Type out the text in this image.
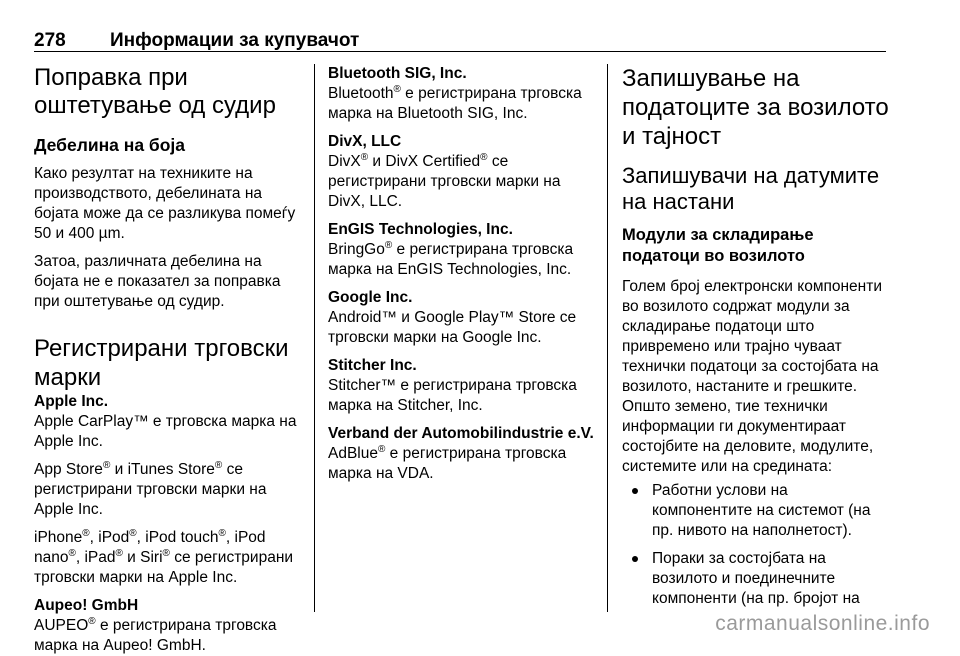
278 Информации за купувачот
Поправка при оштетување од судир
Дебелина на боја

Како резултат на техниките на производството, дебелината на бојата може да се разликува помеѓу 50 и 400 µm.

Затоа, различната дебелина на бојата не е показател за поправка при оштетување од судир.

Регистрирани трговски марки

Apple Inc.

Apple CarPlay™ е трговска марка на Apple Inc.

App Store® и iTunes Store® се регистрирани трговски марки на Apple Inc.

iPhone®, iPod®, iPod touch®, iPod nano®, iPad® и Siri® се регистрирани трговски марки на Apple Inc.

Aupeo! GmbH

AUPEO® е регистрирана трговска марка на Aupeo! GmbH.

Bluetooth SIG, Inc.

Bluetooth® е регистрирана трговска марка на Bluetooth SIG, Inc.

DivX, LLC

DivX® и DivX Certified® се регистрирани трговски марки на DivX, LLC.

EnGIS Technologies, Inc.

BringGo® е регистрирана трговска марка на EnGIS Technologies, Inc.

Google Inc.

Android™ и Google Play™ Store се трговски марки на Google Inc.

Stitcher Inc.

Stitcher™ е регистрирана трговска марка на Stitcher, Inc.

Verband der Automobilindustrie e.V.

AdBlue® е регистрирана трговска марка на VDA.

Запишување на податоците за возилото и тајност
Запишувачи на датумите на настани
Модули за складирање податоци во возилото

Голем број електронски компоненти во возилото содржат модули за складирање податоци што привремено или трајно чуваат технички податоци за состојбата на возилото, настаните и грешките. Општо земено, тие технички информации ги документираат состојбите на деловите, модулите, системите или на средината:

Работни услови на компонентите на системот (на пр. нивото на наполнетост).
Пораки за состојбата на возилото и поединечните компоненти (на пр. бројот на
carmanualsonline.info
